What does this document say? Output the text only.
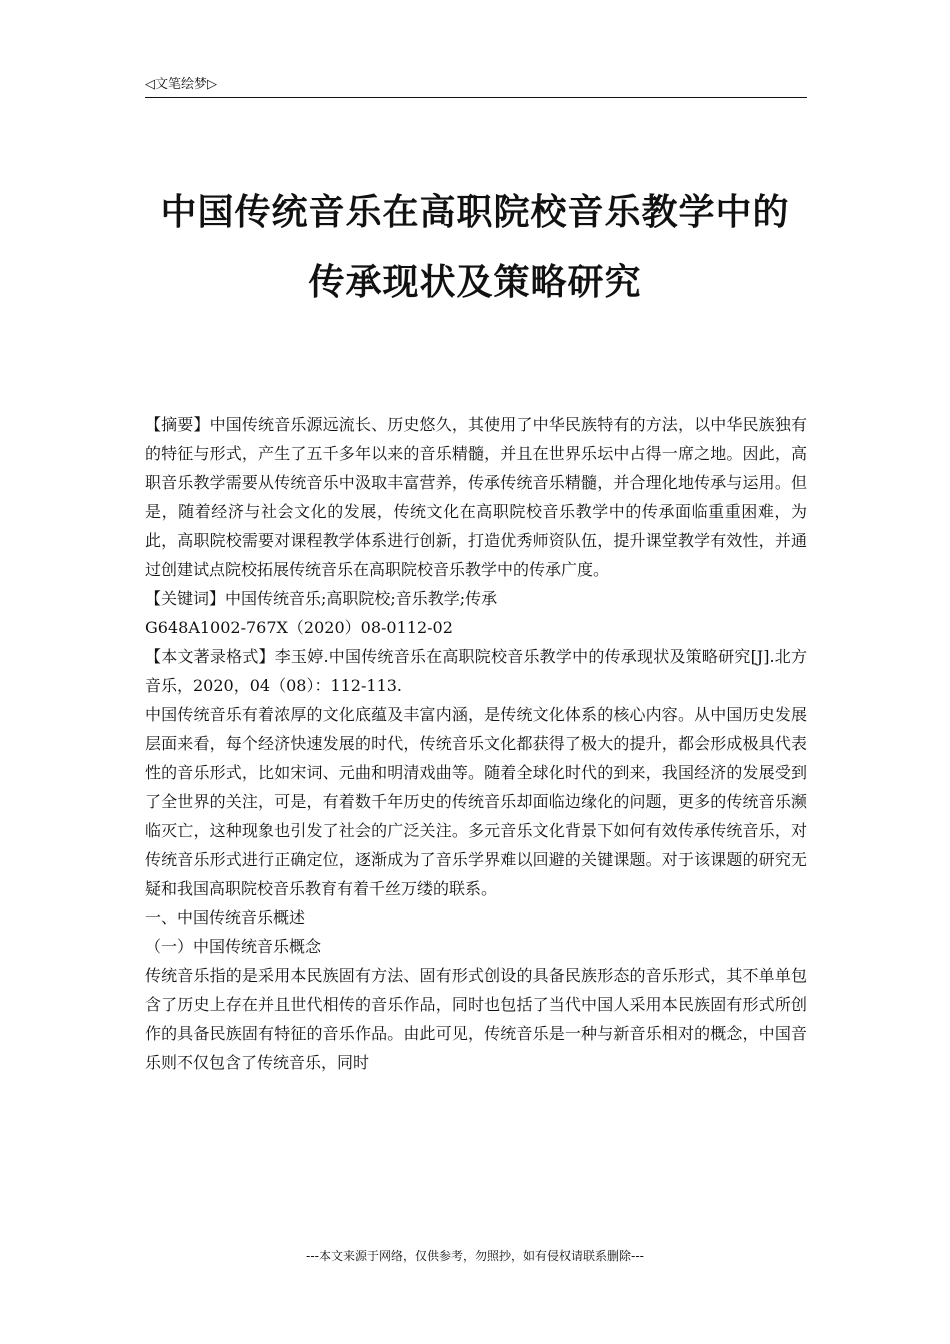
◁文笔绘梦▷
中国传统音乐在高职院校音乐教学中的
传承现状及策略研究

【摘要】中国传统音乐源远流长、历史悠久，其使用了中华民族特有的方法，以中华民族独有的特征与形式，产生了五千多年以来的音乐精髓，并且在世界乐坛中占得一席之地。因此，高职音乐教学需要从传统音乐中汲取丰富营养，传承传统音乐精髓，并合理化地传承与运用。但是，随着经济与社会文化的发展，传统文化在高职院校音乐教学中的传承面临重重困难，为此，高职院校需要对课程教学体系进行创新，打造优秀师资队伍，提升课堂教学有效性，并通过创建试点院校拓展传统音乐在高职院校音乐教学中的传承广度。

【关键词】中国传统音乐;高职院校;音乐教学;传承

G648A1002-767X（2020）08-0112-02

【本文著录格式】李玉婷.中国传统音乐在高职院校音乐教学中的传承现状及策略研究[J].北方音乐，2020，04（08）：112-113.

中国传统音乐有着浓厚的文化底蕴及丰富内涵，是传统文化体系的核心内容。从中国历史发展层面来看，每个经济快速发展的时代，传统音乐文化都获得了极大的提升，都会形成极具代表性的音乐形式，比如宋词、元曲和明清戏曲等。随着全球化时代的到来，我国经济的发展受到了全世界的关注，可是，有着数千年历史的传统音乐却面临边缘化的问题，更多的传统音乐濒临灭亡，这种现象也引发了社会的广泛关注。多元音乐文化背景下如何有效传承传统音乐，对传统音乐形式进行正确定位，逐渐成为了音乐学界难以回避的关键课题。对于该课题的研究无疑和我国高职院校音乐教育有着千丝万缕的联系。

一、中国传统音乐概述

（一）中国传统音乐概念

传统音乐指的是采用本民族固有方法、固有形式创设的具备民族形态的音乐形式，其不单单包含了历史上存在并且世代相传的音乐作品，同时也包括了当代中国人采用本民族固有形式所创作的具备民族固有特征的音乐作品。由此可见，传统音乐是一种与新音乐相对的概念，中国音乐则不仅包含了传统音乐，同时

---本文来源于网络，仅供参考，勿照抄，如有侵权请联系删除---
